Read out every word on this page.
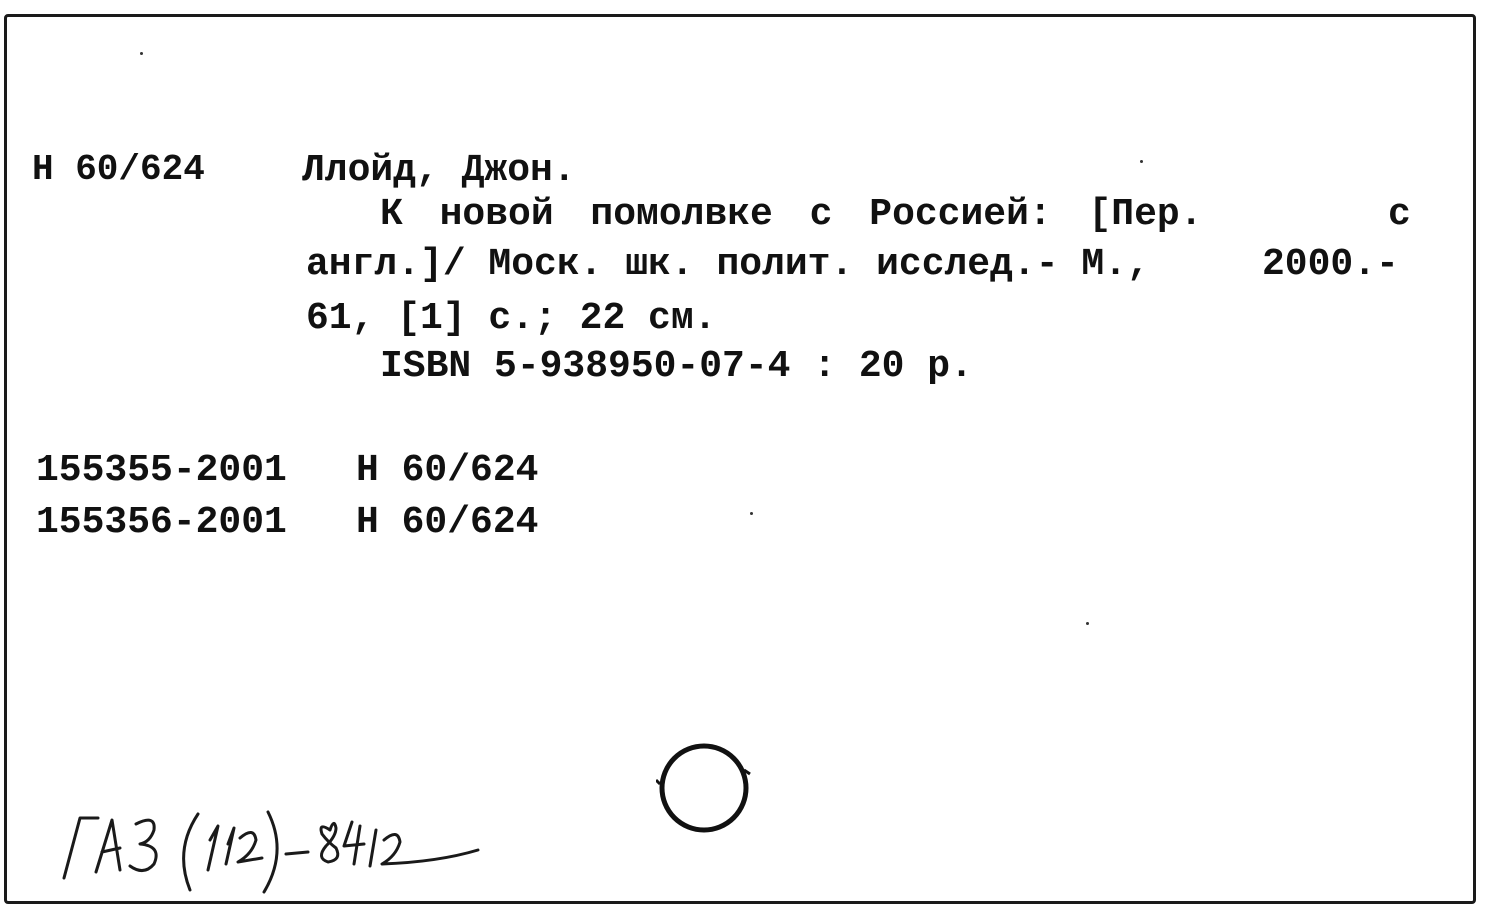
Н 60/624	Ллойд, Джон.
К новой помолвке с Россией: [Пер.	с
англ.]/ Моск. шк. полит. исслед.- М.,	2000.-
61, [1] с.; 22 см.
ISBN 5-938950-07-4 : 20 р.
155355-2001 Н 60/624
155356-2001 Н 60/624
